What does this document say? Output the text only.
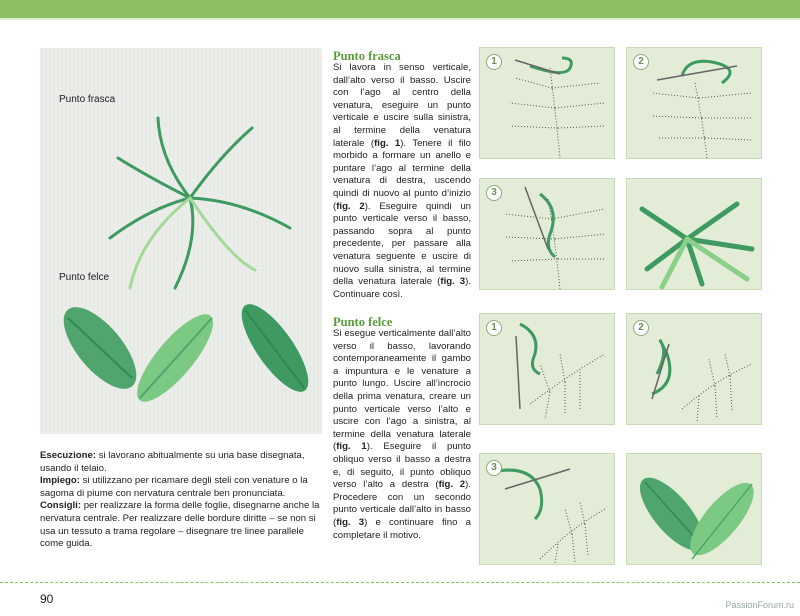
Punto frasca
Punto felce

Esecuzione: si lavorano abitualmente su una base disegnata, usando il telaio.

Impiego: si utilizzano per ricamare degli steli con venature o la sagoma di piume con nervatura centrale ben pronunciata.

Consigli: per realizzare la forma delle foglie, disegnarne anche la nervatura centrale. Per realizzare delle bordure diritte – se non si usa un tessuto a trama regolare – disegnare tre linee parallele come guida.

Punto frasca
Si lavora in senso verticale, dall’alto verso il basso. Uscire con l’ago al centro della venatura, eseguire un punto verticale e uscire sulla sinistra, al termine della venatura laterale (fig. 1). Tenere il filo morbido a formare un anello e puntare l’ago al termine della venatura di destra, uscendo quindi di nuovo al punto d’inizio (fig. 2). Eseguire quindi un punto verticale verso il basso, passando sopra al punto precedente, per passare alla venatura seguente e uscire di nuovo sulla sinistra, al termine della venatura laterale (fig. 3). Continuare così.
Punto felce
Si esegue verticalmente dall’alto verso il basso, lavorando contemporaneamente il gambo a impuntura e le venature a punto lungo. Uscire all’incrocio della prima venatura, creare un punto verticale verso l’alto e uscire con l’ago a sinistra, al termine della venatura laterale (fig. 1). Eseguire il punto obliquo verso il basso a destra e, di seguito, il punto obliquo verso l’alto a destra (fig. 2). Procedere con un secondo punto verticale dall’alto in basso (fig. 3) e continuare fino a completare il motivo.
1	2
3
1	2
3
90	PassionForum.ru
